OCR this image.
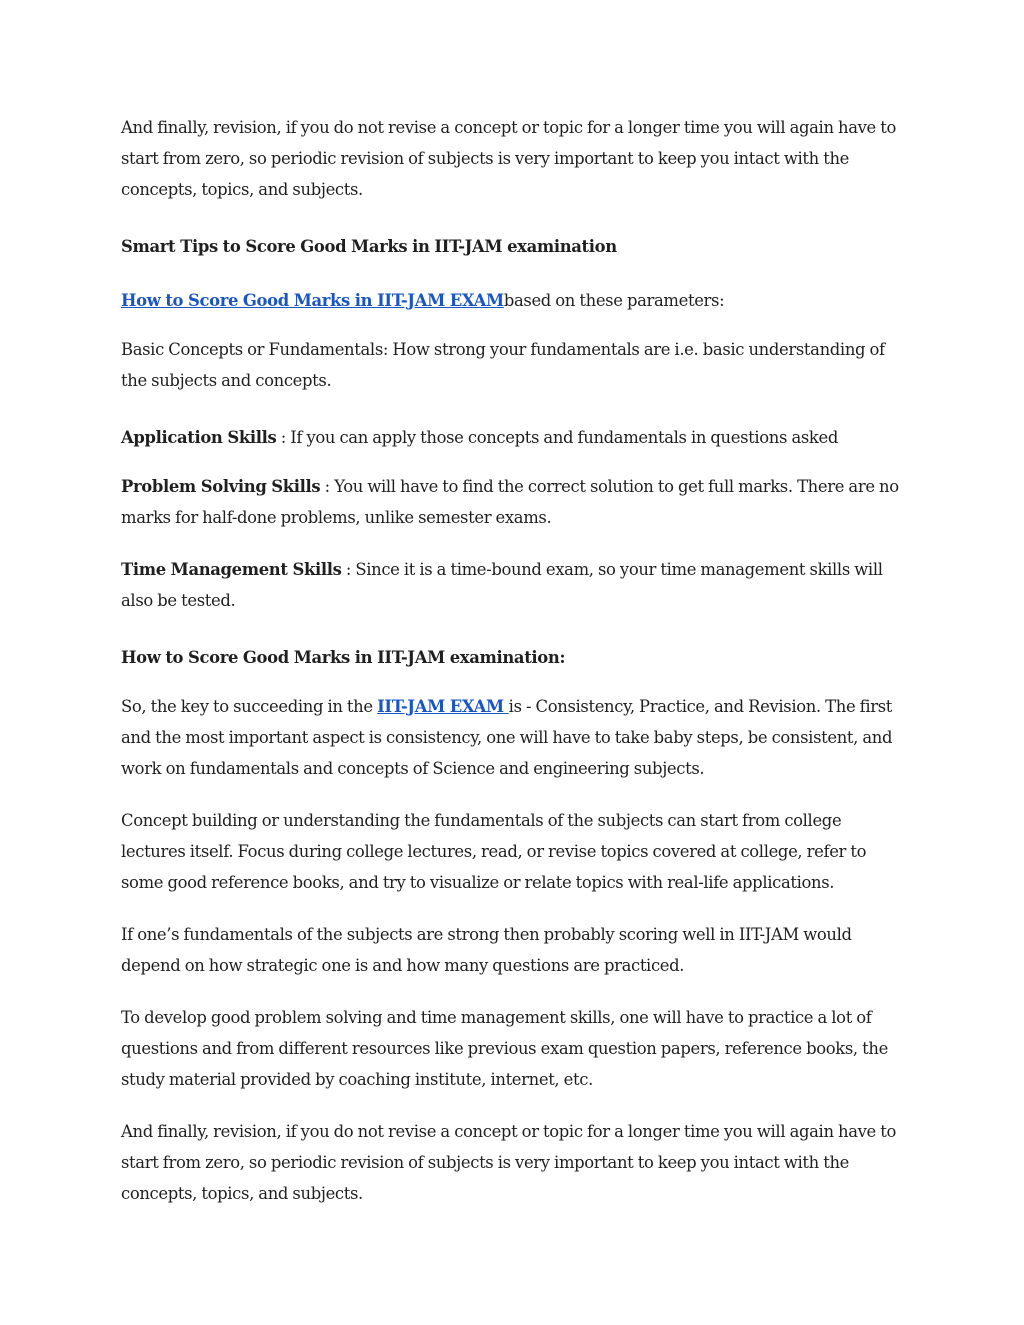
And finally, revision, if you do not revise a concept or topic for a longer time you will again have to start from zero, so periodic revision of subjects is very important to keep you intact with the concepts, topics, and subjects.

Smart Tips to Score Good Marks in IIT-JAM examination

How to Score Good Marks in IIT-JAM EXAMbased on these parameters:

Basic Concepts or Fundamentals: How strong your fundamentals are i.e. basic understanding of the subjects and concepts.

Application Skills : If you can apply those concepts and fundamentals in questions asked

Problem Solving Skills : You will have to find the correct solution to get full marks. There are no marks for half-done problems, unlike semester exams.

Time Management Skills : Since it is a time-bound exam, so your time management skills will also be tested.

How to Score Good Marks in IIT-JAM examination:

So, the key to succeeding in the IIT-JAM EXAM is - Consistency, Practice, and Revision. The first and the most important aspect is consistency, one will have to take baby steps, be consistent, and work on fundamentals and concepts of Science and engineering subjects.

Concept building or understanding the fundamentals of the subjects can start from college lectures itself. Focus during college lectures, read, or revise topics covered at college, refer to some good reference books, and try to visualize or relate topics with real-life applications.

If one’s fundamentals of the subjects are strong then probably scoring well in IIT-JAM would depend on how strategic one is and how many questions are practiced.

To develop good problem solving and time management skills, one will have to practice a lot of questions and from different resources like previous exam question papers, reference books, the study material provided by coaching institute, internet, etc.

And finally, revision, if you do not revise a concept or topic for a longer time you will again have to start from zero, so periodic revision of subjects is very important to keep you intact with the concepts, topics, and subjects.
